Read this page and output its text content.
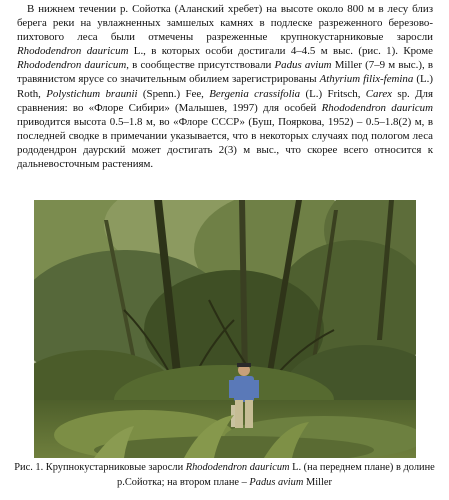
В нижнем течении р. Сойотка (Аланский хребет) на высоте около 800 м в лесу близ берега реки на увлажненных замшелых камнях в подлеске разреженного березово-пихтового леса были отмечены разреженные крупнокустарниковые заросли Rhododendron dauricum L., в которых особи достигали 4–4.5 м выс. (рис. 1). Кроме Rhododendron dauricum, в сообществе присутствовали Padus avium Miller (7–9 м выс.), в травянистом ярусе со значительным обилием зарегистрированы Athyrium filix-femina (L.) Roth, Polystichum braunii (Spenn.) Fee, Bergenia crassifolia (L.) Fritsch, Carex sp. Для сравнения: во «Флоре Сибири» (Малышев, 1997) для особей Rhododendron dauricum приводится высота 0.5–1.8 м, во «Флоре СССР» (Буш, Пояркова, 1952) – 0.5–1.8(2) м, в последней сводке в примечании указывается, что в некоторых случаях под пологом леса рододендрон даурский может достигать 2(3) м выс., что скорее всего относится к дальневосточным растениям.

Рис. 1. Крупнокустарниковые заросли Rhododendron dauricum L. (на переднем плане) в долине р.Сойотка; на втором плане – Padus avium Miller
